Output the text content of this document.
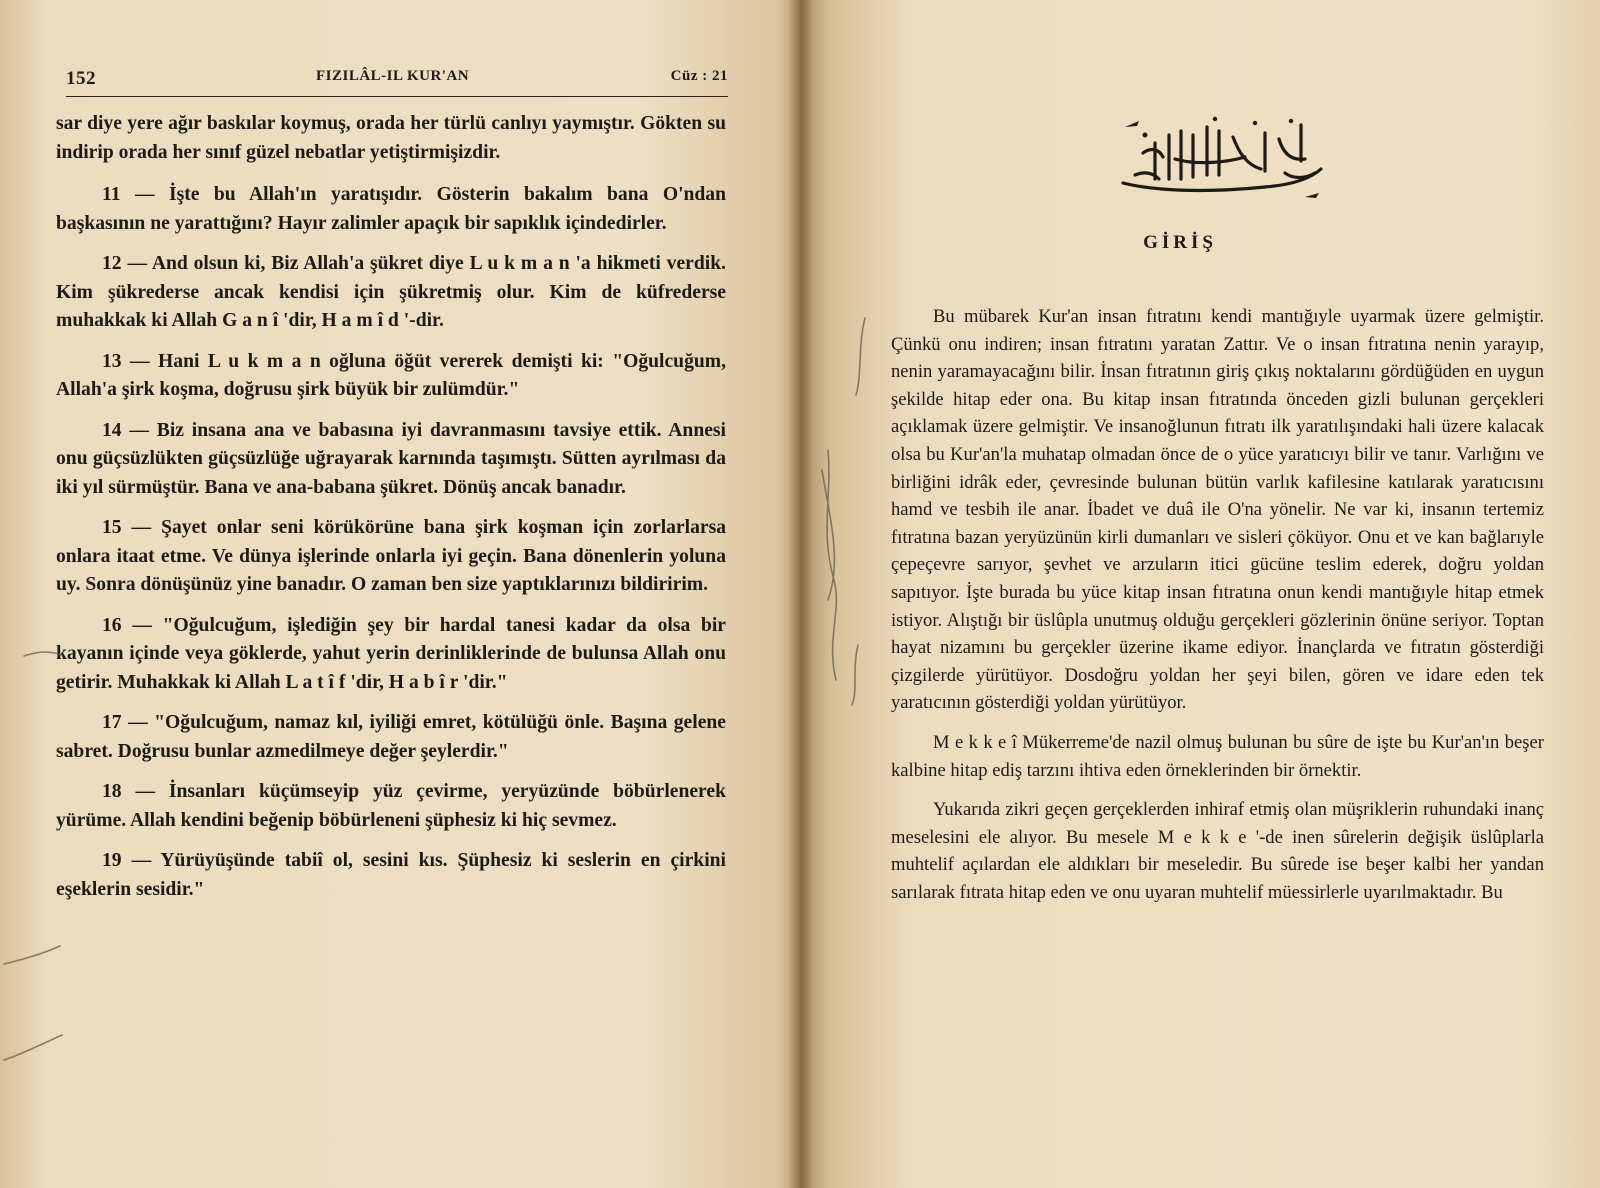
152	FIZILÂL-IL KUR'AN	Cüz : 21

sar diye yere ağır baskılar koymuş, orada her türlü canlıyı yaymıştır. Gökten su indirip orada her sınıf güzel nebatlar yetiştirmişizdir.

11 — İşte bu Allah'ın yaratışıdır. Gösterin bakalım bana O'ndan başkasının ne yarattığını? Hayır zalimler apaçık bir sapıklık içindedirler.

12 — And olsun ki, Biz Allah'a şükret diye L u k m a n 'a hikmeti verdik. Kim şükrederse ancak kendisi için şükretmiş olur. Kim de küfrederse muhakkak ki Allah G a n î 'dir, H a m î d '-dir.

13 — Hani L u k m a n oğluna öğüt vererek demişti ki: "Oğulcuğum, Allah'a şirk koşma, doğrusu şirk büyük bir zulümdür."

14 — Biz insana ana ve babasına iyi davranmasını tavsiye ettik. Annesi onu güçsüzlükten güçsüzlüğe uğrayarak karnında taşımıştı. Sütten ayrılması da iki yıl sürmüştür. Bana ve ana-babana şükret. Dönüş ancak banadır.

15 — Şayet onlar seni körükörüne bana şirk koşman için zorlarlarsa onlara itaat etme. Ve dünya işlerinde onlarla iyi geçin. Bana dönenlerin yoluna uy. Sonra dönüşünüz yine banadır. O zaman ben size yaptıklarınızı bildiririm.

16 — "Oğulcuğum, işlediğin şey bir hardal tanesi kadar da olsa bir kayanın içinde veya göklerde, yahut yerin derinliklerinde de bulunsa Allah onu getirir. Muhakkak ki Allah L a t î f 'dir, H a b î r 'dir."

17 — "Oğulcuğum, namaz kıl, iyiliği emret, kötülüğü önle. Başına gelene sabret. Doğrusu bunlar azmedilmeye değer şeylerdir."

18 — İnsanları küçümseyip yüz çevirme, yeryüzünde böbürlenerek yürüme. Allah kendini beğenip böbürleneni şüphesiz ki hiç sevmez.

19 — Yürüyüşünde tabiî ol, sesini kıs. Şüphesiz ki seslerin en çirkini eşeklerin sesidir."

GİRİŞ

Bu mübarek Kur'an insan fıtratını kendi mantığıyle uyarmak üzere gelmiştir. Çünkü onu indiren; insan fıtratını yaratan Zattır. Ve o insan fıtratına nenin yarayıp, nenin yaramayacağını bilir. İnsan fıtratının giriş çıkış noktalarını gördüğüden en uygun şekilde hitap eder ona. Bu kitap insan fıtratında önceden gizli bulunan gerçekleri açıklamak üzere gelmiştir. Ve insanoğlunun fıtratı ilk yaratılışındaki hali üzere kalacak olsa bu Kur'an'la muhatap olmadan önce de o yüce yaratıcıyı bilir ve tanır. Varlığını ve birliğini idrâk eder, çevresinde bulunan bütün varlık kafilesine katılarak yaratıcısını hamd ve tesbih ile anar. İbadet ve duâ ile O'na yönelir. Ne var ki, insanın tertemiz fıtratına bazan yeryüzünün kirli dumanları ve sisleri çöküyor. Onu et ve kan bağlarıyle çepeçevre sarıyor, şevhet ve arzuların itici gücüne teslim ederek, doğru yoldan sapıtıyor. İşte burada bu yüce kitap insan fıtratına onun kendi mantığıyle hitap etmek istiyor. Alıştığı bir üslûpla unutmuş olduğu gerçekleri gözlerinin önüne seriyor. Toptan hayat nizamını bu gerçekler üzerine ikame ediyor. İnançlarda ve fıtratın gösterdiği çizgilerde yürütüyor. Dosdoğru yoldan her şeyi bilen, gören ve idare eden tek yaratıcının gösterdiği yoldan yürütüyor.

M e k k e î Mükerreme'de nazil olmuş bulunan bu sûre de işte bu Kur'an'ın beşer kalbine hitap ediş tarzını ihtiva eden örneklerinden bir örnektir.

Yukarıda zikri geçen gerçeklerden inhiraf etmiş olan müşriklerin ruhundaki inanç meselesini ele alıyor. Bu mesele M e k k e '-de inen sûrelerin değişik üslûplarla muhtelif açılardan ele aldıkları bir meseledir. Bu sûrede ise beşer kalbi her yandan sarılarak fıtrata hitap eden ve onu uyaran muhtelif müessirlerle uyarılmaktadır. Bu
